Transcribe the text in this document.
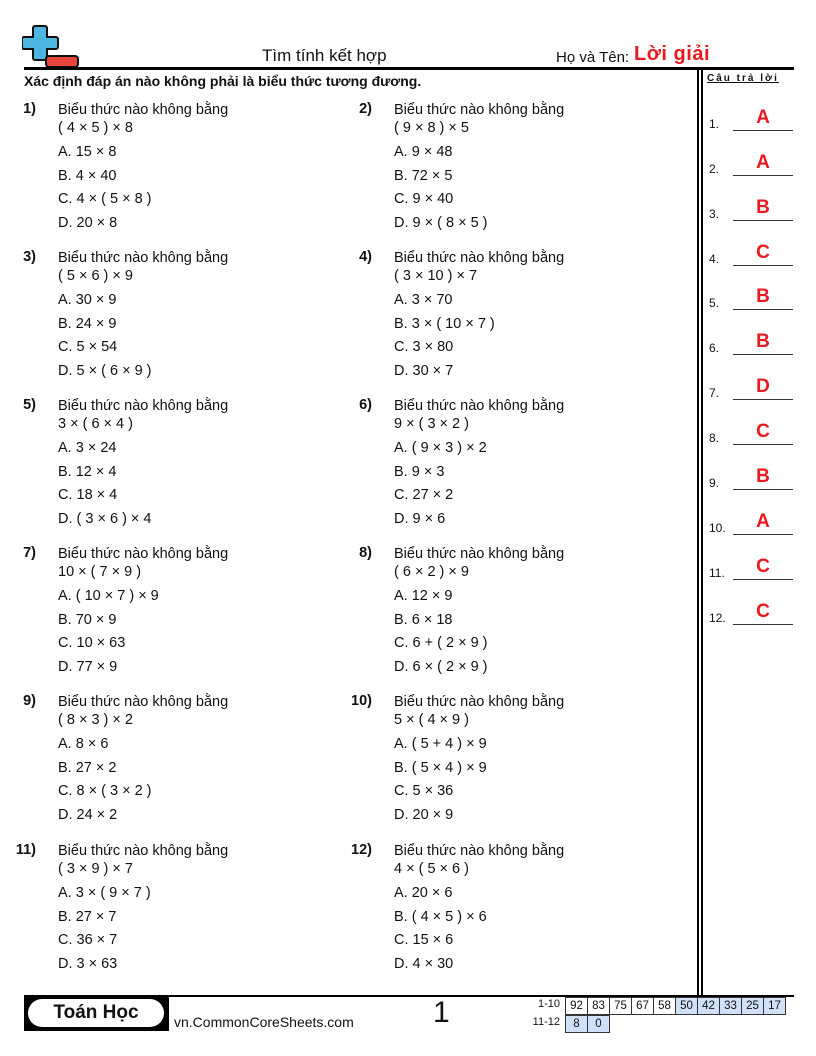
Tìm tính kết hợp	Họ và Tên: Lời giải
Xác định đáp án nào không phải là biểu thức tương đương.	Câu trả lời
1) Biểu thức nào không bằng
( 4 × 5 ) × 8
A. 15 × 8
B. 4 × 40
C. 4 × ( 5 × 8 )
D. 20 × 8
2) Biểu thức nào không bằng
( 9 × 8 ) × 5
A. 9 × 48
B. 72 × 5
C. 9 × 40
D. 9 × ( 8 × 5 )
3) Biểu thức nào không bằng
( 5 × 6 ) × 9
A. 30 × 9
B. 24 × 9
C. 5 × 54
D. 5 × ( 6 × 9 )
4) Biểu thức nào không bằng
( 3 × 10 ) × 7
A. 3 × 70
B. 3 × ( 10 × 7 )
C. 3 × 80
D. 30 × 7
5) Biểu thức nào không bằng
3 × ( 6 × 4 )
A. 3 × 24
B. 12 × 4
C. 18 × 4
D. ( 3 × 6 ) × 4
6) Biểu thức nào không bằng
9 × ( 3 × 2 )
A. ( 9 × 3 ) × 2
B. 9 × 3
C. 27 × 2
D. 9 × 6
7) Biểu thức nào không bằng
10 × ( 7 × 9 )
A. ( 10 × 7 ) × 9
B. 70 × 9
C. 10 × 63
D. 77 × 9
8) Biểu thức nào không bằng
( 6 × 2 ) × 9
A. 12 × 9
B. 6 × 18
C. 6 + ( 2 × 9 )
D. 6 × ( 2 × 9 )
9) Biểu thức nào không bằng
( 8 × 3 ) × 2
A. 8 × 6
B. 27 × 2
C. 8 × ( 3 × 2 )
D. 24 × 2
10) Biểu thức nào không bằng
5 × ( 4 × 9 )
A. ( 5 + 4 ) × 9
B. ( 5 × 4 ) × 9
C. 5 × 36
D. 20 × 9
11) Biểu thức nào không bằng
( 3 × 9 ) × 7
A. 3 × ( 9 × 7 )
B. 27 × 7
C. 36 × 7
D. 3 × 63
12) Biểu thức nào không bằng
4 × ( 5 × 6 )
A. 20 × 6
B. ( 4 × 5 ) × 6
C. 15 × 6
D. 4 × 30
1.	A
2.	A
3.	B
4.	C
5.	B
6.	B
7.	D
8.	C
9.	B
10.	A
11.	C
12.	C
Toán Học	vn.CommonCoreSheets.com	1	1-10 92 83 75 67 58 50 42 33 25 17
11-12	8	0
